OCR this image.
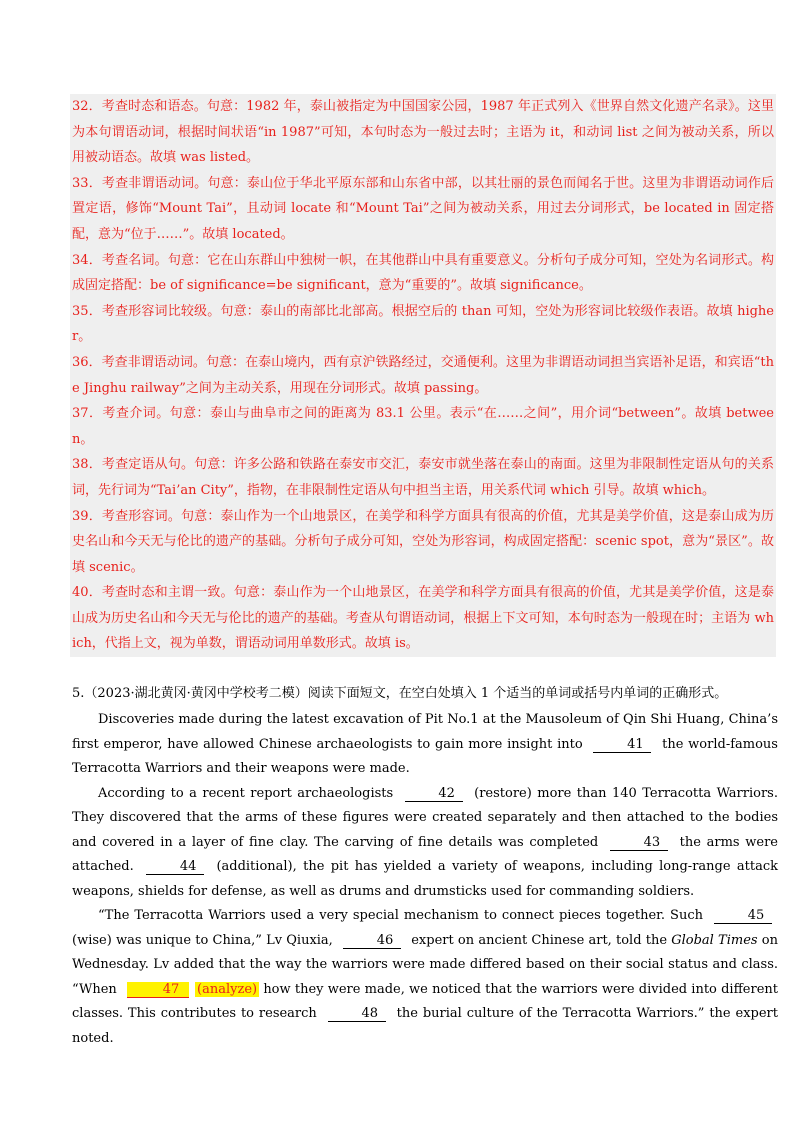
32．考查时态和语态。句意：1982 年，泰山被指定为中国国家公园，1987 年正式列入《世界自然文化遗产名录》。这里为本句谓语动词，根据时间状语“in 1987”可知，本句时态为一般过去时；主语为 it，和动词 list 之间为被动关系，所以用被动语态。故填 was listed。
33．考查非谓语动词。句意：泰山位于华北平原东部和山东省中部，以其壮丽的景色而闻名于世。这里为非谓语动词作后置定语，修饰“Mount Tai”，且动词 locate 和“Mount Tai”之间为被动关系，用过去分词形式，be located in 固定搭配，意为“位于……”。故填 located。
34．考查名词。句意：它在山东群山中独树一帜，在其他群山中具有重要意义。分析句子成分可知，空处为名词形式。构成固定搭配：be of significance=be significant，意为“重要的”。故填 significance。
35．考查形容词比较级。句意：泰山的南部比北部高。根据空后的 than 可知，空处为形容词比较级作表语。故填 higher。
36．考查非谓语动词。句意：在泰山境内，西有京沪铁路经过，交通便利。这里为非谓语动词担当宾语补足语，和宾语“the Jinghu railway”之间为主动关系，用现在分词形式。故填 passing。
37．考查介词。句意：泰山与曲阜市之间的距离为 83.1 公里。表示“在……之间”，用介词“between”。故填 between。
38．考查定语从句。句意：许多公路和铁路在泰安市交汇，泰安市就坐落在泰山的南面。这里为非限制性定语从句的关系词，先行词为“Tai’an City”，指物，在非限制性定语从句中担当主语，用关系代词 which 引导。故填 which。
39．考查形容词。句意：泰山作为一个山地景区，在美学和科学方面具有很高的价值，尤其是美学价值，这是泰山成为历史名山和今天无与伦比的遗产的基础。分析句子成分可知，空处为形容词，构成固定搭配：scenic spot，意为“景区”。故填 scenic。
40．考查时态和主谓一致。句意：泰山作为一个山地景区，在美学和科学方面具有很高的价值，尤其是美学价值，这是泰山成为历史名山和今天无与伦比的遗产的基础。考查从句谓语动词，根据上下文可知，本句时态为一般现在时；主语为 which，代指上文，视为单数，谓语动词用单数形式。故填 is。
5.（2023·湖北黄冈·黄冈中学校考二模）阅读下面短文，在空白处填入 1 个适当的单词或括号内单词的正确形式。

Discoveries made during the latest excavation of Pit No.1 at the Mausoleum of Qin Shi Huang, China’s first emperor, have allowed Chinese archaeologists to gain more insight into	41 the world-famous Terracotta Warriors and their weapons were made.

According to a recent report archaeologists	42 (restore) more than 140 Terracotta Warriors. They discovered that the arms of these figures were created separately and then attached to the bodies and covered in a layer of fine clay. The carving of fine details was completed	43 the arms were attached.	44 (additional), the pit has yielded a variety of weapons, including long-range attack weapons, shields for defense, as well as drums and drumsticks used for commanding soldiers.

“The Terracotta Warriors used a very special mechanism to connect pieces together. Such	45 (wise) was unique to China,” Lv Qiuxia,	46 expert on ancient Chinese art, told the Global Times on Wednesday. Lv added that the way the warriors were made differed based on their social status and class. “When	47 (analyze) how they were made, we noticed that the warriors were divided into different classes. This contributes to research	48 the burial culture of the Terracotta Warriors.” the expert noted.
